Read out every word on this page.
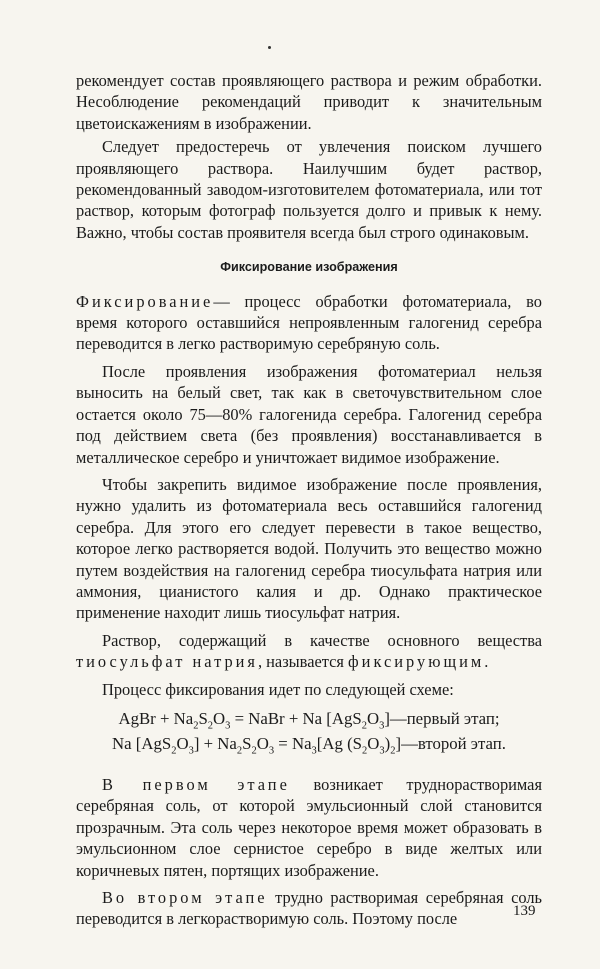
рекомендует состав проявляющего раствора и режим обработки. Несоблюдение рекомендаций приводит к значительным цветоискажениям в изображении.

Следует предостеречь от увлечения поиском лучшего проявляющего раствора. Наилучшим будет раствор, рекомендованный заводом-изготовителем фотоматериала, или тот раствор, которым фотограф пользуется долго и привык к нему. Важно, чтобы состав проявителя всегда был строго одинаковым.

Фиксирование изображения

Фиксирование— процесс обработки фотоматериала, во время которого оставшийся непроявленным галогенид серебра переводится в легко растворимую серебряную соль.

После проявления изображения фотоматериал нельзя выносить на белый свет, так как в светочувствительном слое остается около 75—80% галогенида серебра. Галогенид серебра под действием света (без проявления) восстанавливается в металлическое серебро и уничтожает видимое изображение.

Чтобы закрепить видимое изображение после проявления, нужно удалить из фотоматериала весь оставшийся галогенид серебра. Для этого его следует перевести в такое вещество, которое легко растворяется водой. Получить это вещество можно путем воздействия на галогенид серебра тиосульфата натрия или аммония, цианистого калия и др. Однако практическое применение находит лишь тиосульфат натрия.

Раствор, содержащий в качестве основного вещества тиосульфат натрия, называется фиксирующим.

Процесс фиксирования идет по следующей схеме:

AgBr + $Na_2S_2O_3$ = NaBr + Na $[AgS_2O_3]—первый$ этап;
Na $[AgS_2O_3] + Na_2S_2O_3 = Na_3[Ag$ $(S_2O_3)_2]—второй$ этап.

В первом этапе возникает труднорастворимая серебряная соль, от которой эмульсионный слой становится прозрачным. Эта соль через некоторое время может образовать в эмульсионном слое сернистое серебро в виде желтых или коричневых пятен, портящих изображение.

Во втором этапе трудно растворимая серебряная соль переводится в легкорастворимую соль. Поэтому после	139
